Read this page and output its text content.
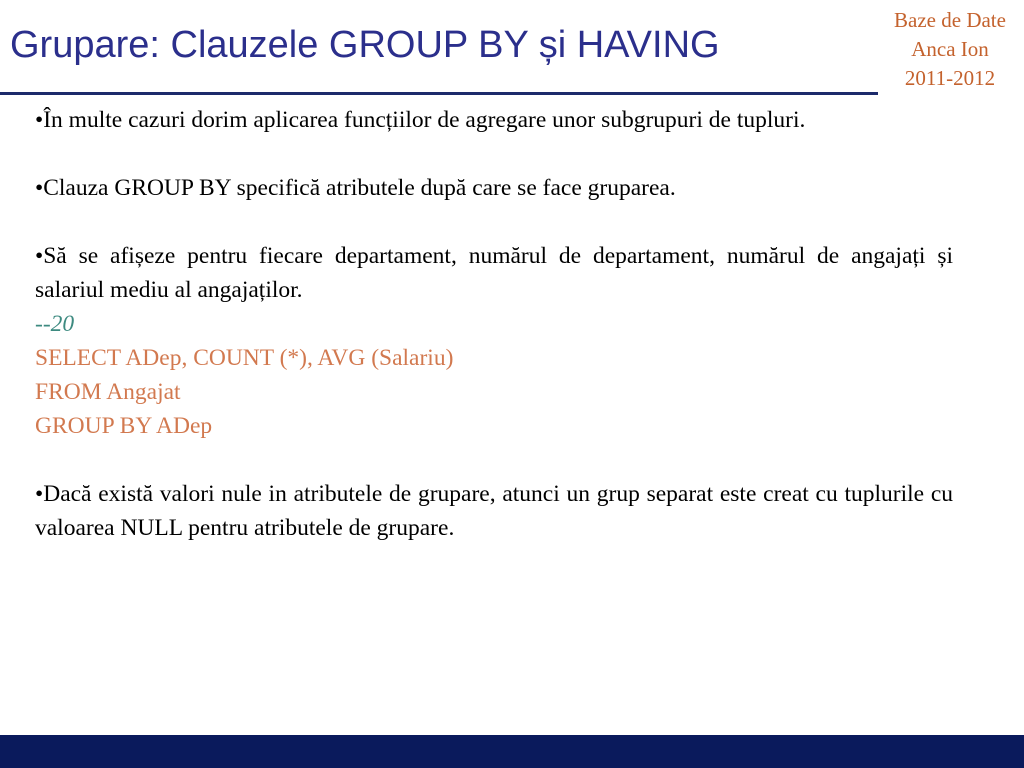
Grupare: Clauzele GROUP BY și HAVING
Baze de Date
Anca Ion
2011-2012

•În multe cazuri dorim aplicarea funcțiilor de agregare unor subgrupuri de tupluri.

•Clauza GROUP BY specifică atributele după care se face gruparea.

•Să se afișeze pentru fiecare departament, numărul de departament, numărul de angajați și salariul mediu al angajaților.

--20

SELECT ADep, COUNT (*), AVG (Salariu)

FROM Angajat

GROUP BY ADep

•Dacă există valori nule in atributele de grupare, atunci un grup separat este creat cu tuplurile cu valoarea NULL pentru atributele de grupare.
